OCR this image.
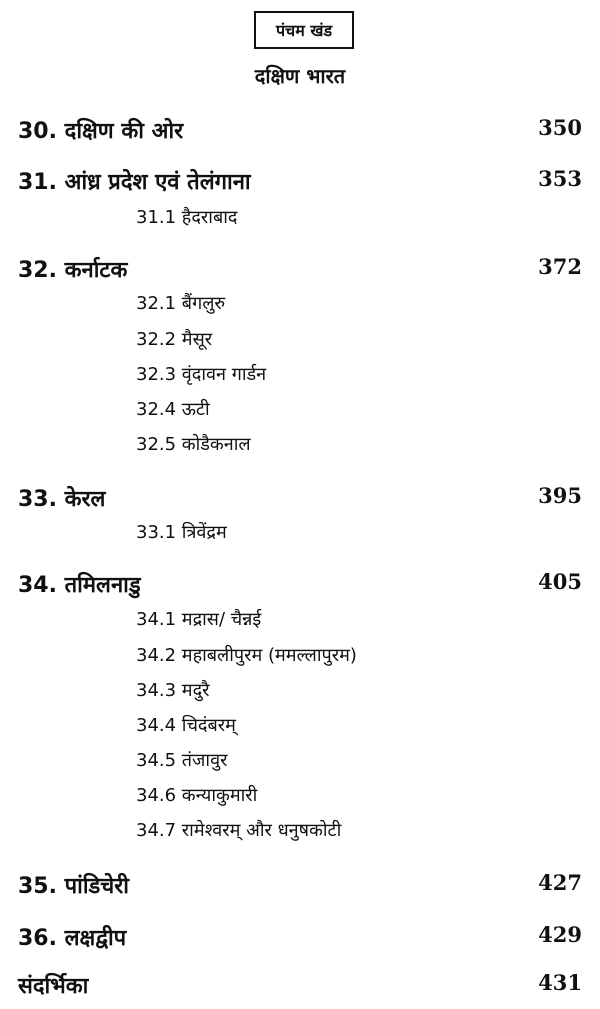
पंचम खंड
दक्षिण भारत
30. दक्षिण की ओर	350
31. आंध्र प्रदेश एवं तेलंगाना	353
31.1 हैदराबाद
32. कर्नाटक	372
32.1 बैंगलुरु
32.2 मैसूर
32.3 वृंदावन गार्डन
32.4 ऊटी
32.5 कोडैकनाल
33. केरल	395
33.1 त्रिवेंद्रम
34. तमिलनाडु	405
34.1 मद्रास/ चैन्नई
34.2 महाबलीपुरम (ममल्लापुरम)
34.3 मदुरै
34.4 चिदंबरम्
34.5 तंजावुर
34.6 कन्याकुमारी
34.7 रामेश्वरम् और धनुषकोटी
35. पांडिचेरी	427
36. लक्षद्वीप	429
संदर्भिका	431
